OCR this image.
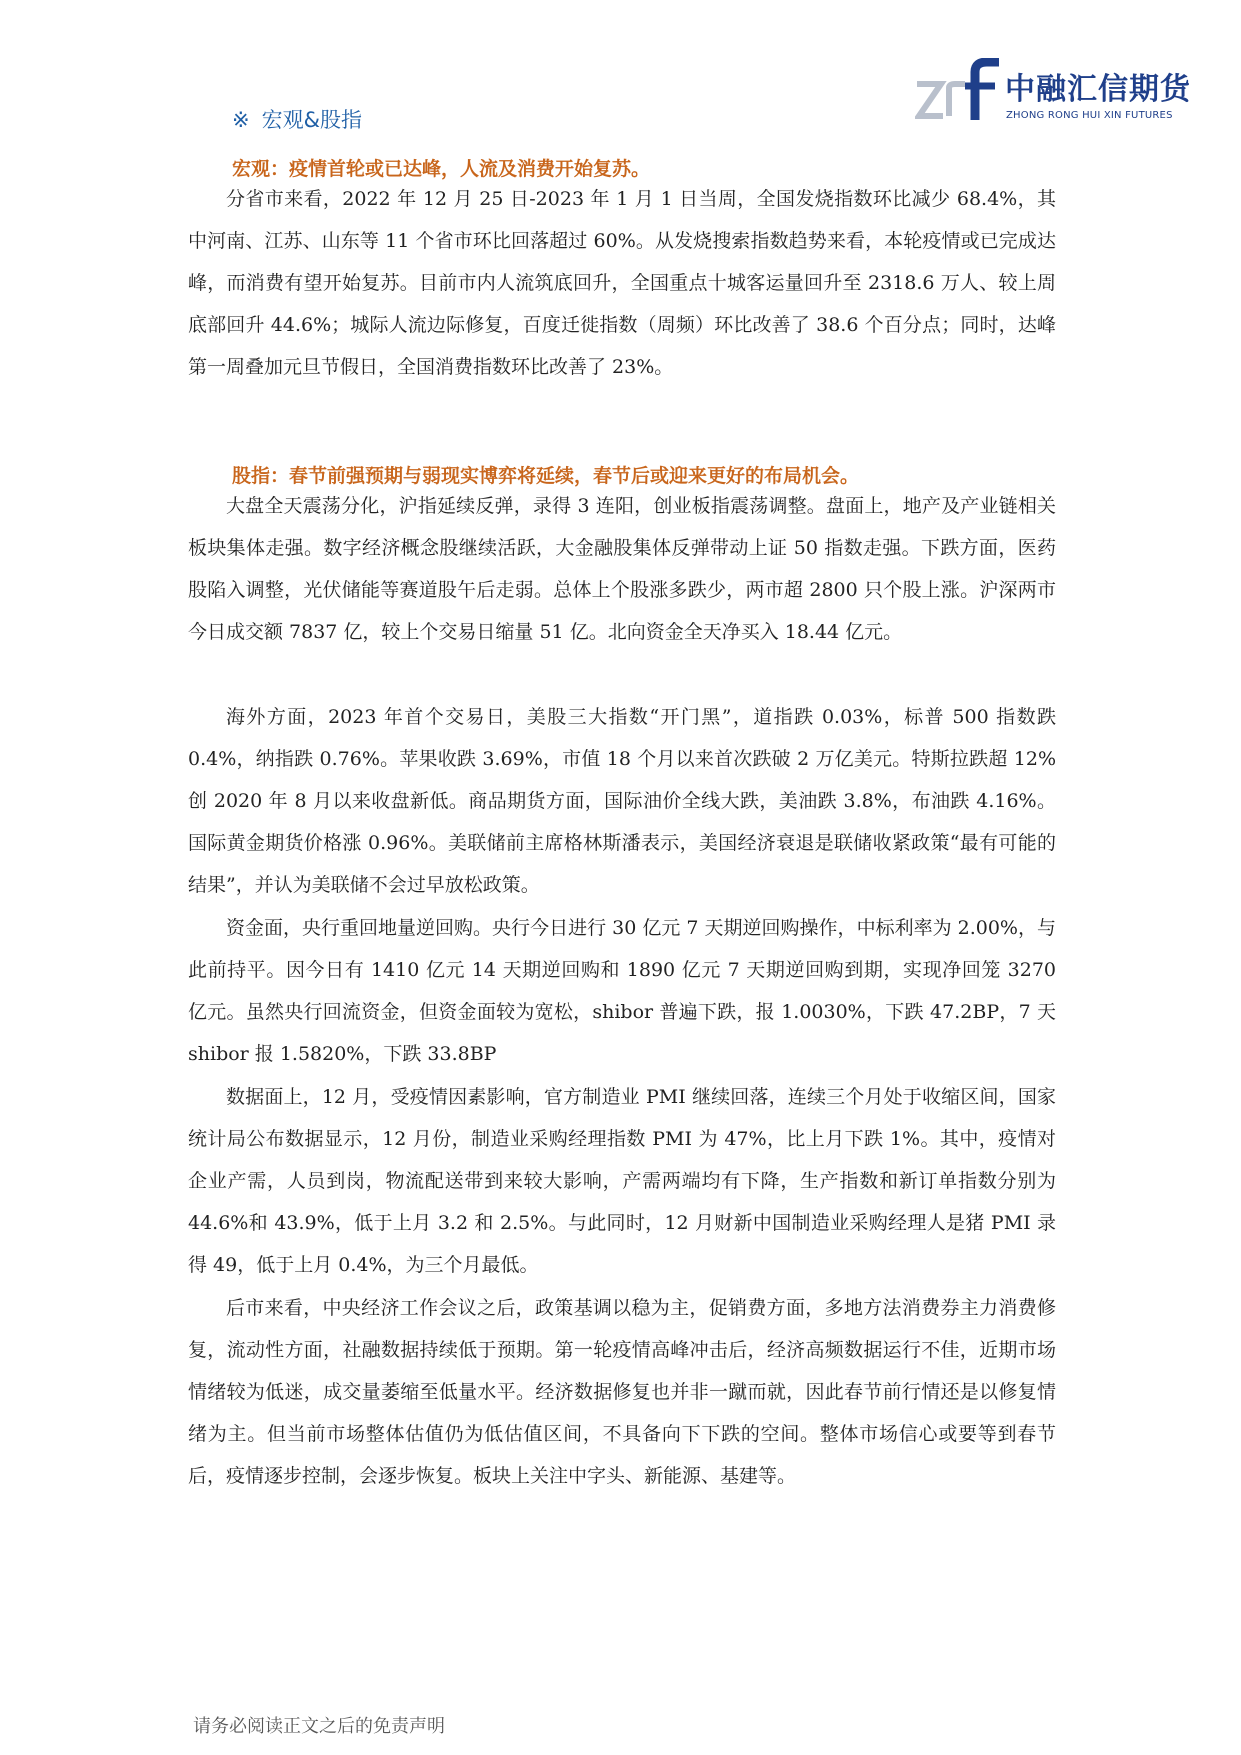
中融汇信期货
ZHONG RONG HUI XIN FUTURES
※ 宏观&股指
宏观：疫情首轮或已达峰，人流及消费开始复苏。

分省市来看，2022 年 12 月 25 日-2023 年 1 月 1 日当周，全国发烧指数环比减少 68.4%，其中河南、江苏、山东等 11 个省市环比回落超过 60%。从发烧搜索指数趋势来看，本轮疫情或已完成达峰，而消费有望开始复苏。目前市内人流筑底回升，全国重点十城客运量回升至 2318.6 万人、较上周底部回升 44.6%；城际人流边际修复，百度迁徙指数（周频）环比改善了 38.6 个百分点；同时，达峰第一周叠加元旦节假日，全国消费指数环比改善了 23%。

股指：春节前强预期与弱现实博弈将延续，春节后或迎来更好的布局机会。

大盘全天震荡分化，沪指延续反弹，录得 3 连阳，创业板指震荡调整。盘面上，地产及产业链相关板块集体走强。数字经济概念股继续活跃，大金融股集体反弹带动上证 50 指数走强。下跌方面，医药股陷入调整，光伏储能等赛道股午后走弱。总体上个股涨多跌少，两市超 2800 只个股上涨。沪深两市今日成交额 7837 亿，较上个交易日缩量 51 亿。北向资金全天净买入 18.44 亿元。

海外方面，2023 年首个交易日，美股三大指数“开门黑”，道指跌 0.03%，标普 500 指数跌 0.4%，纳指跌 0.76%。苹果收跌 3.69%，市值 18 个月以来首次跌破 2 万亿美元。特斯拉跌超 12%创 2020 年 8 月以来收盘新低。商品期货方面，国际油价全线大跌，美油跌 3.8%，布油跌 4.16%。国际黄金期货价格涨 0.96%。美联储前主席格林斯潘表示，美国经济衰退是联储收紧政策“最有可能的结果”，并认为美联储不会过早放松政策。

资金面，央行重回地量逆回购。央行今日进行 30 亿元 7 天期逆回购操作，中标利率为 2.00%，与此前持平。因今日有 1410 亿元 14 天期逆回购和 1890 亿元 7 天期逆回购到期，实现净回笼 3270 亿元。虽然央行回流资金，但资金面较为宽松，shibor 普遍下跌，报 1.0030%，下跌 47.2BP，7 天 shibor 报 1.5820%，下跌 33.8BP

数据面上，12 月，受疫情因素影响，官方制造业 PMI 继续回落，连续三个月处于收缩区间，国家统计局公布数据显示，12 月份，制造业采购经理指数 PMI 为 47%，比上月下跌 1%。其中，疫情对企业产需，人员到岗，物流配送带到来较大影响，产需两端均有下降，生产指数和新订单指数分别为 44.6%和 43.9%，低于上月 3.2 和 2.5%。与此同时，12 月财新中国制造业采购经理人是猪 PMI 录得 49，低于上月 0.4%，为三个月最低。

后市来看，中央经济工作会议之后，政策基调以稳为主，促销费方面，多地方法消费券主力消费修复，流动性方面，社融数据持续低于预期。第一轮疫情高峰冲击后，经济高频数据运行不佳，近期市场情绪较为低迷，成交量萎缩至低量水平。经济数据修复也并非一蹴而就，因此春节前行情还是以修复情绪为主。但当前市场整体估值仍为低估值区间，不具备向下下跌的空间。整体市场信心或要等到春节后，疫情逐步控制，会逐步恢复。板块上关注中字头、新能源、基建等。

请务必阅读正文之后的免责声明
